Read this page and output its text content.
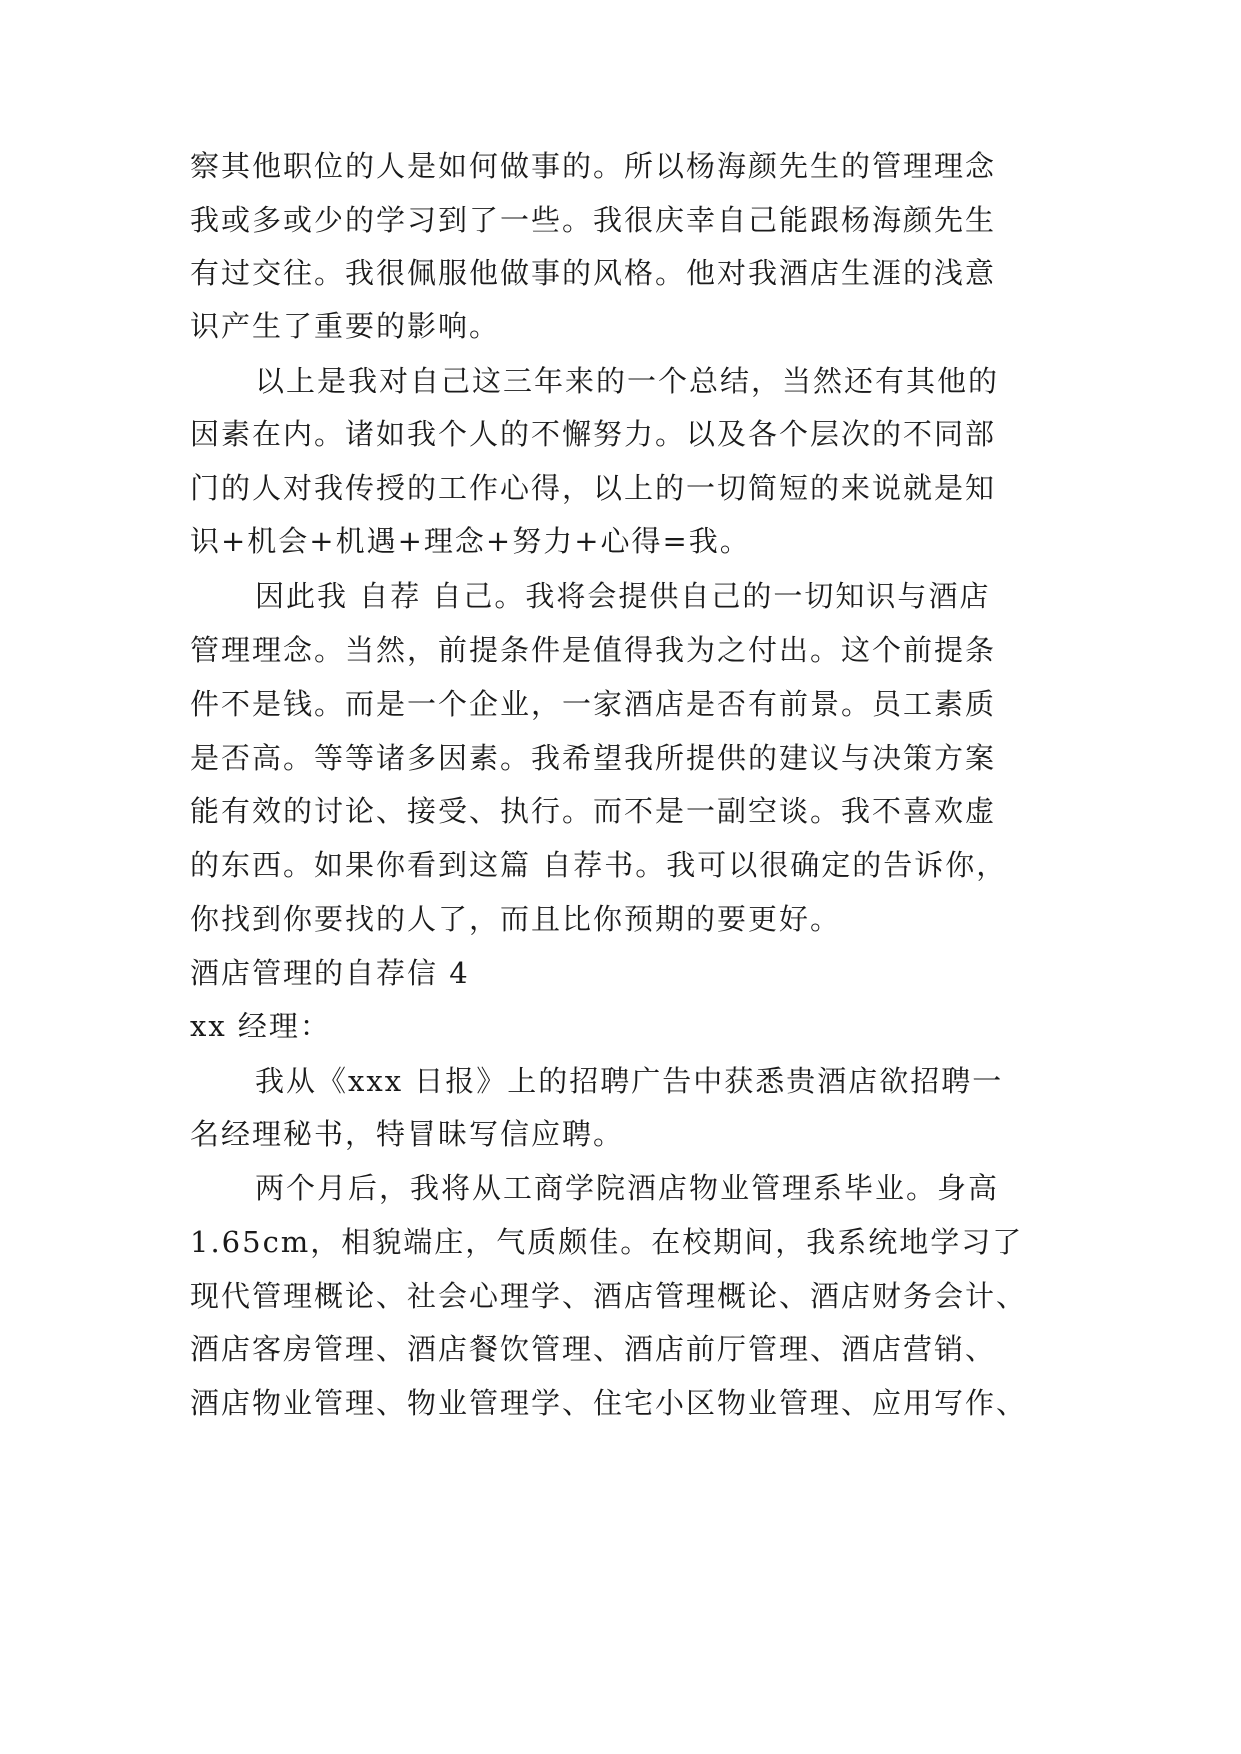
察其他职位的人是如何做事的。所以杨海颜先生的管理理念
我或多或少的学习到了一些。我很庆幸自己能跟杨海颜先生
有过交往。我很佩服他做事的风格。他对我酒店生涯的浅意
识产生了重要的影响。
以上是我对自己这三年来的一个总结，当然还有其他的
因素在内。诸如我个人的不懈努力。以及各个层次的不同部
门的人对我传授的工作心得，以上的一切简短的来说就是知
识+机会+机遇+理念+努力+心得=我。
因此我 自荐 自己。我将会提供自己的一切知识与酒店
管理理念。当然，前提条件是值得我为之付出。这个前提条
件不是钱。而是一个企业，一家酒店是否有前景。员工素质
是否高。等等诸多因素。我希望我所提供的建议与决策方案
能有效的讨论、接受、执行。而不是一副空谈。我不喜欢虚
的东西。如果你看到这篇 自荐书。我可以很确定的告诉你，
你找到你要找的人了，而且比你预期的要更好。
酒店管理的自荐信 4
xx 经理：
我从《xxx 日报》上的招聘广告中获悉贵酒店欲招聘一
名经理秘书，特冒昧写信应聘。
两个月后，我将从工商学院酒店物业管理系毕业。身高
1.65cm，相貌端庄，气质颇佳。在校期间，我系统地学习了
现代管理概论、社会心理学、酒店管理概论、酒店财务会计、
酒店客房管理、酒店餐饮管理、酒店前厅管理、酒店营销、
酒店物业管理、物业管理学、住宅小区物业管理、应用写作、
